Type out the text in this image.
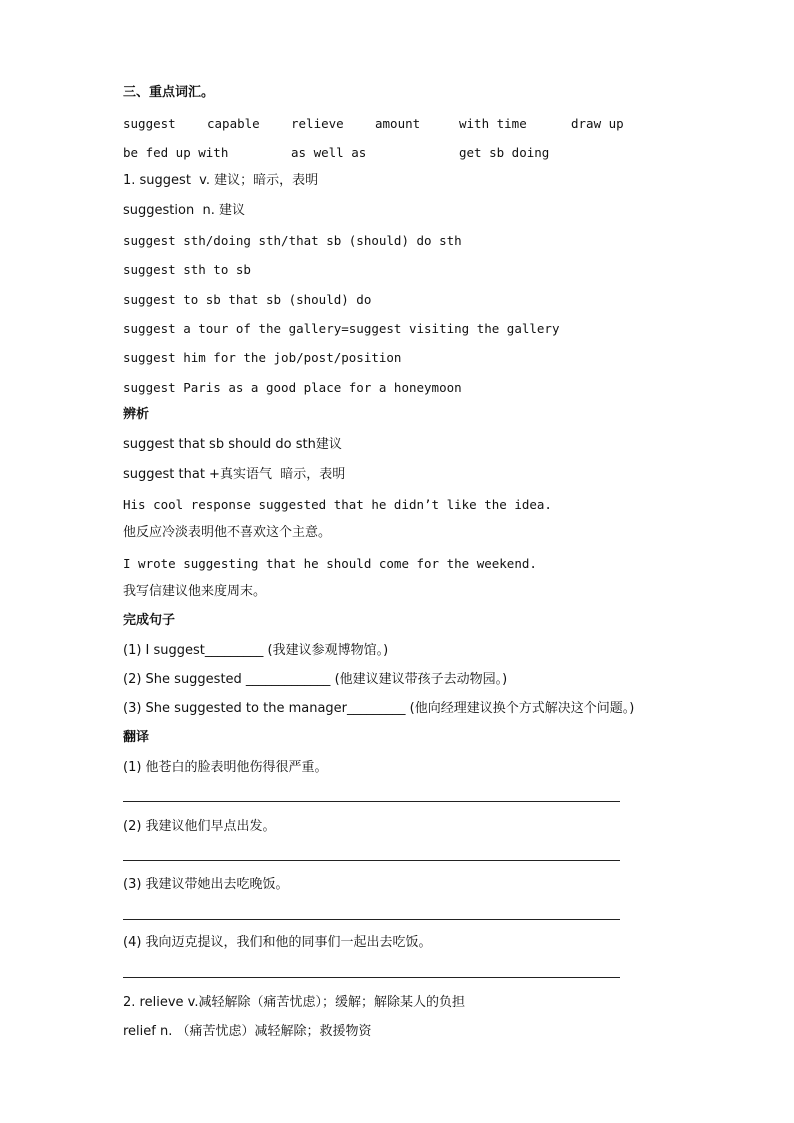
三、重点词汇。
suggest	capable	relieve	amount	with time	draw up
be fed up with	as well as	get sb doing
1. suggest  v. 建议；暗示，表明
suggestion  n. 建议
suggest sth/doing sth/that sb (should) do sth
suggest sth to sb
suggest to sb that sb (should) do
suggest a tour of the gallery=suggest visiting the gallery
suggest him for the job/post/position
suggest Paris as a good place for a honeymoon
辨析
suggest that sb should do sth建议
suggest that +真实语气  暗示，表明
His cool response suggested that he didn’t like the idea.
他反应冷淡表明他不喜欢这个主意。
I wrote suggesting that he should come for the weekend.
我写信建议他来度周末。
完成句子
(1) I suggest_________ (我建议参观博物馆。)
(2) She suggested _____________ (他建议建议带孩子去动物园。)
(3) She suggested to the manager_________ (他向经理建议换个方式解决这个问题。)
翻译
(1) 他苍白的脸表明他伤得很严重。
(2) 我建议他们早点出发。
(3) 我建议带她出去吃晚饭。
(4) 我向迈克提议，我们和他的同事们一起出去吃饭。
2. relieve v.减轻解除（痛苦忧虑）；缓解；解除某人的负担
relief n. （痛苦忧虑）减轻解除；救援物资
